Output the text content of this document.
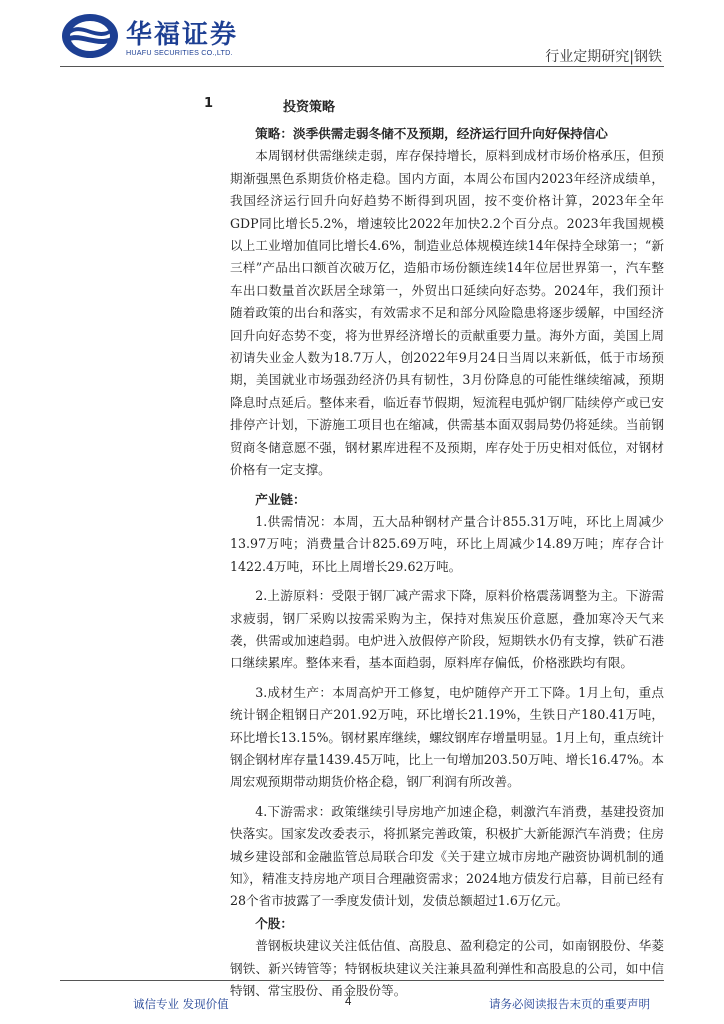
华福证券
HUAFU SECURITIES CO.,LTD.	行业定期研究|钢铁
1	投资策略

策略：淡季供需走弱冬储不及预期，经济运行回升向好保持信心

本周钢材供需继续走弱，库存保持增长，原料到成材市场价格承压，但预期渐强黑色系期货价格走稳。国内方面，本周公布国内2023年经济成绩单，我国经济运行回升向好趋势不断得到巩固，按不变价格计算，2023年全年GDP同比增长5.2%，增速较比2022年加快2.2个百分点。2023年我国规模以上工业增加值同比增长4.6%，制造业总体规模连续14年保持全球第一；“新三样”产品出口额首次破万亿，造船市场份额连续14年位居世界第一，汽车整车出口数量首次跃居全球第一，外贸出口延续向好态势。2024年，我们预计随着政策的出台和落实，有效需求不足和部分风险隐患将逐步缓解，中国经济回升向好态势不变，将为世界经济增长的贡献重要力量。海外方面，美国上周初请失业金人数为18.7万人，创2022年9月24日当周以来新低，低于市场预期，美国就业市场强劲经济仍具有韧性，3月份降息的可能性继续缩减，预期降息时点延后。整体来看，临近春节假期，短流程电弧炉钢厂陆续停产或已安排停产计划，下游施工项目也在缩减，供需基本面双弱局势仍将延续。当前钢贸商冬储意愿不强，钢材累库进程不及预期，库存处于历史相对低位，对钢材价格有一定支撑。

产业链：

1.供需情况：本周，五大品种钢材产量合计855.31万吨，环比上周减少13.97万吨；消费量合计825.69万吨，环比上周减少14.89万吨；库存合计1422.4万吨，环比上周增长29.62万吨。

2.上游原料：受限于钢厂减产需求下降，原料价格震荡调整为主。下游需求疲弱，钢厂采购以按需采购为主，保持对焦炭压价意愿，叠加寒冷天气来袭，供需或加速趋弱。电炉进入放假停产阶段，短期铁水仍有支撑，铁矿石港口继续累库。整体来看，基本面趋弱，原料库存偏低，价格涨跌均有限。

3.成材生产：本周高炉开工修复，电炉随停产开工下降。1月上旬，重点统计钢企粗钢日产201.92万吨，环比增长21.19%，生铁日产180.41万吨，环比增长13.15%。钢材累库继续，螺纹钢库存增量明显。1月上旬，重点统计钢企钢材库存量1439.45万吨，比上一旬增加203.50万吨、增长16.47%。本周宏观预期带动期货价格企稳，钢厂利润有所改善。

4.下游需求：政策继续引导房地产加速企稳，刺激汽车消费，基建投资加快落实。国家发改委表示，将抓紧完善政策，积极扩大新能源汽车消费；住房城乡建设部和金融监管总局联合印发《关于建立城市房地产融资协调机制的通知》，精准支持房地产项目合理融资需求；2024地方债发行启幕，目前已经有28个省市披露了一季度发债计划，发债总额超过1.6万亿元。

个股：

普钢板块建议关注低估值、高股息、盈利稳定的公司，如南钢股份、华菱钢铁、新兴铸管等；特钢板块建议关注兼具盈利弹性和高股息的公司，如中信特钢、常宝股份、甬金股份等。

诚信专业 发现价值	4	请务必阅读报告末页的重要声明
